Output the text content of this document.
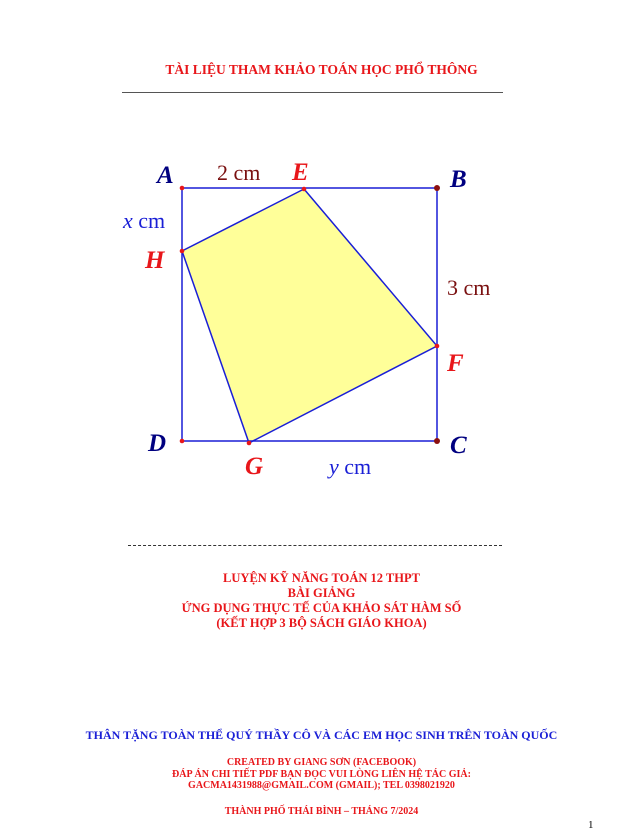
TÀI LIỆU THAM KHẢO TOÁN HỌC PHỔ THÔNG
A	B
C
D
E
F
G
H
2 cm
x cm
3 cm
y cm
LUYỆN KỸ NĂNG TOÁN 12 THPT
BÀI GIẢNG
ỨNG DỤNG THỰC TẾ CỦA KHẢO SÁT HÀM SỐ
(KẾT HỢP 3 BỘ SÁCH GIÁO KHOA)
THÂN TẶNG TOÀN THỂ QUÝ THẦY CÔ VÀ CÁC EM HỌC SINH TRÊN TOÀN QUỐC
CREATED BY GIANG SƠN (FACEBOOK)
ĐÁP ÁN CHI TIẾT PDF BẠN ĐỌC VUI LÒNG LIÊN HỆ TÁC GIẢ:
GACMA1431988@GMAIL.COM (GMAIL); TEL 0398021920
THÀNH PHỐ THÁI BÌNH – THÁNG 7/2024
1
